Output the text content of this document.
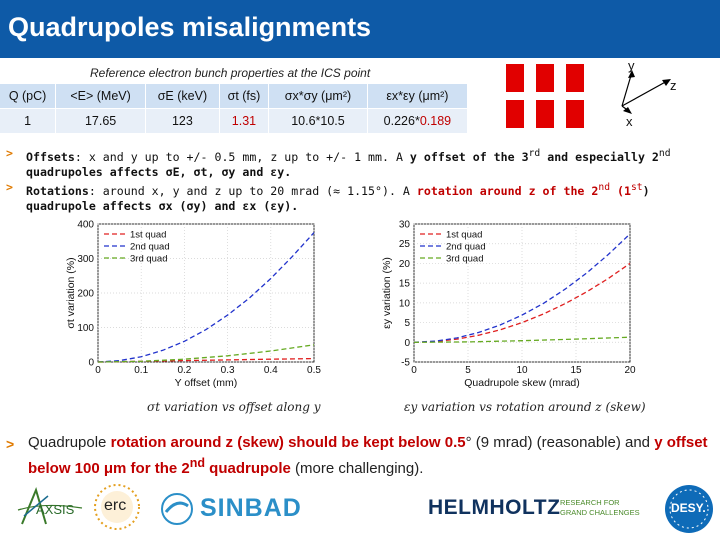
Quadrupoles misalignments
Reference electron bunch properties at the ICS point
Q (pC)	<E> (MeV)	σE (keV)	σt (fs)	σx*σy (μm²)	εx*εy (μm²)
1	17.65	123	1.31	10.6*10.5	0.226*0.189
y
z
x
> Offsets: x and y up to +/- 0.5 mm, z up to +/- 1 mm. A y offset of the 3rd and especially 2nd quadrupoles affects σE, σt, σy and εy.
> Rotations: around x, y and z up to 20 mrad (≈ 1.15°). A rotation around z of the 2nd (1st) quadrupole affects σx (σy) and εx (εy).
0	0.1	0.2	0.3	0.4	0.5
0
100
200
300
400
Y offset (mm)
σt variation (%)
1st quad
2nd quad
3rd quad
0	5	10	15	20
-5
0
5
10
15
20
25
30
Quadrupole skew (mrad)
εy variation (%)
1st quad
2nd quad
3rd quad
σt variation vs offset along y	εy variation vs rotation around z (skew)
> Quadrupole rotation around z (skew) should be kept below 0.5° (9 mrad) (reasonable) and y offset below 100 μm for the 2nd quadrupole (more challenging).
AXSIS erc	SINBAD	HELMHOLTZ RESEARCH FOR
GRAND CHALLENGES	DESY.
